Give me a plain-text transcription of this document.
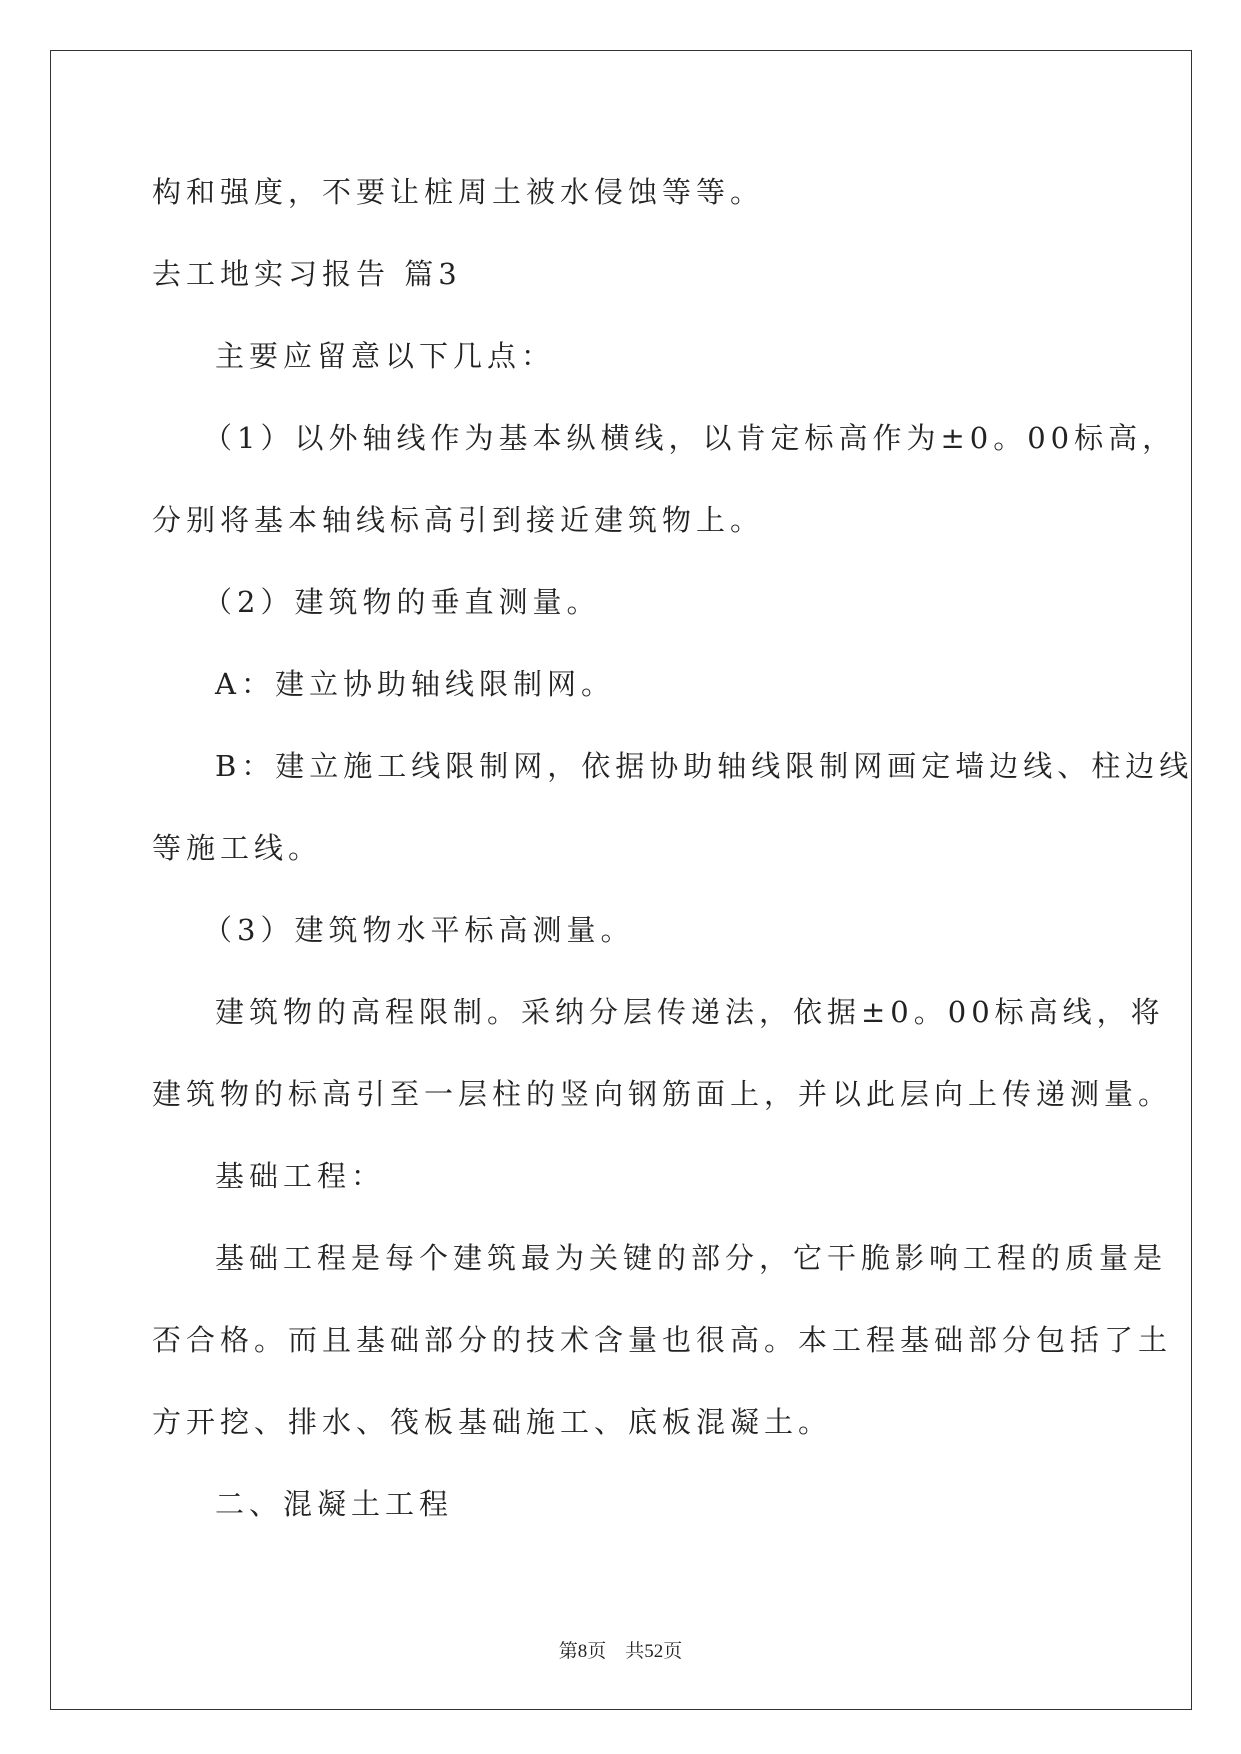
构和强度，不要让桩周土被水侵蚀等等。
去工地实习报告 篇3
主要应留意以下几点：
（1）以外轴线作为基本纵横线，以肯定标高作为±0。00标高，
分别将基本轴线标高引到接近建筑物上。
（2）建筑物的垂直测量。
A：建立协助轴线限制网。
B：建立施工线限制网，依据协助轴线限制网画定墙边线、柱边线
等施工线。
（3）建筑物水平标高测量。
建筑物的高程限制。采纳分层传递法，依据±0。00标高线，将
建筑物的标高引至一层柱的竖向钢筋面上，并以此层向上传递测量。
基础工程：
基础工程是每个建筑最为关键的部分，它干脆影响工程的质量是
否合格。而且基础部分的技术含量也很高。本工程基础部分包括了土
方开挖、排水、筏板基础施工、底板混凝土。
二、混凝土工程
第8页    共52页
